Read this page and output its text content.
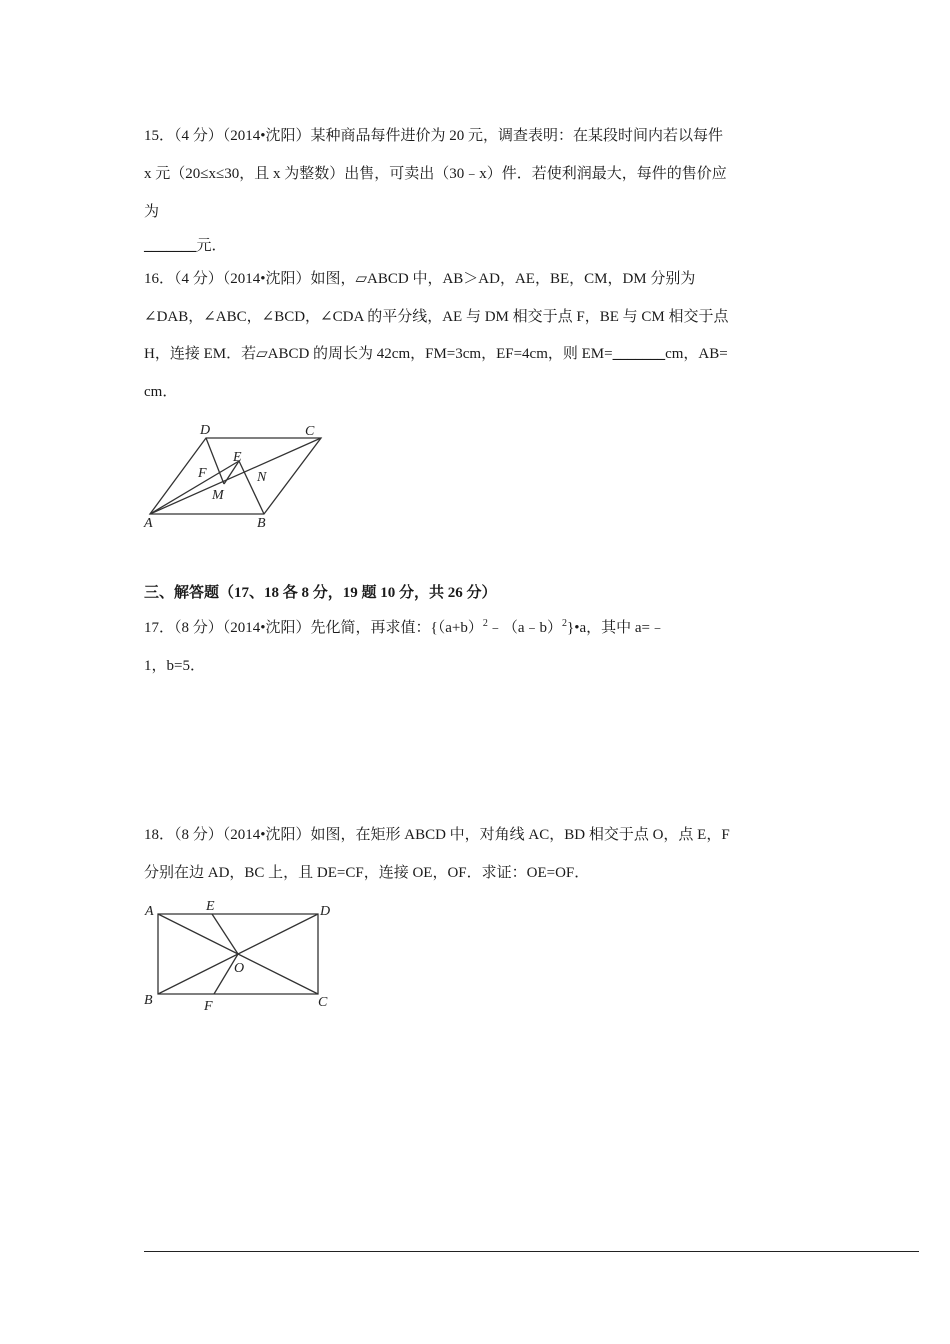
15．（4 分）（2014•沈阳）某种商品每件进价为 20 元，调查表明：在某段时间内若以每件
x 元（20≤x≤30，且 x 为整数）出售，可卖出（30﹣x）件．若使利润最大，每件的售价应
为
_______元．
16．（4 分）（2014•沈阳）如图，▱ABCD 中，AB＞AD，AE，BE，CM，DM 分别为
∠DAB，∠ABC，∠BCD，∠CDA 的平分线，AE 与 DM 相交于点 F，BE 与 CM 相交于点
H，连接 EM．若▱ABCD 的周长为 42cm，FM=3cm，EF=4cm，则 EM=_______cm，AB=
cm．
D	C
E
F	N
M
A	B
三、解答题（17、18 各 8 分，19 题 10 分，共 26 分）
17．（8 分）（2014•沈阳）先化简，再求值：$\{(a+b)^2﹣(a﹣b)^2\}•a$，其中 a=﹣
1，b=5．
18．（8 分）（2014•沈阳）如图，在矩形 ABCD 中，对角线 AC，BD 相交于点 O，点 E，F
分别在边 AD，BC 上，且 DE=CF，连接 OE，OF．求证：OE=OF．
A	E	D
O
B	F	C
